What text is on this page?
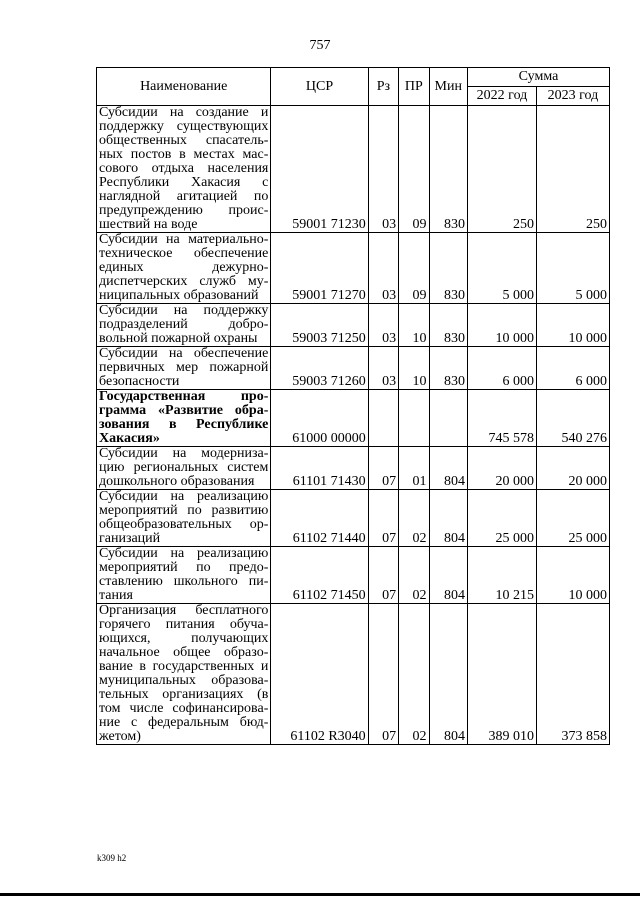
757
Наименование	ЦСР	Рз	ПР	Мин	Сумма	
					2022 год	2023 год
Субсидии на создание и поддержку существующих общественных спасатель-ных постов в местах мас-сового отдыха населения Республики Хакасия с наглядной агитацией по предупреждению проис-шествий на воде	59001 71230	03	09	830	250	250
Субсидии на материально-техническое обеспечение единых дежурно-диспетчерских служб му-ниципальных образований	59001 71270	03	09	830	5 000	5 000
Субсидии на поддержку подразделений добро-вольной пожарной охраны	59003 71250	03	10	830	10 000	10 000
Субсидии на обеспечение первичных мер пожарной безопасности	59003 71260	03	10	830	6 000	6 000
Государственная про-грамма «Развитие обра-зования в Республике Хакасия»	61000 00000				745 578	540 276
Субсидии на модерниза-цию региональных систем дошкольного образования	61101 71430	07	01	804	20 000	20 000
Субсидии на реализацию мероприятий по развитию общеобразовательных ор-ганизаций	61102 71440	07	02	804	25 000	25 000
Субсидии на реализацию мероприятий по предо-ставлению школьного пи-тания	61102 71450	07	02	804	10 215	10 000
Организация бесплатного горячего питания обуча-ющихся, получающих начальное общее образо-вание в государственных и муниципальных образова-тельных организациях (в том числе софинансирова-ние с федеральным бюд-жетом)	61102 R3040	07	02	804	389 010	373 858
k309 h2
